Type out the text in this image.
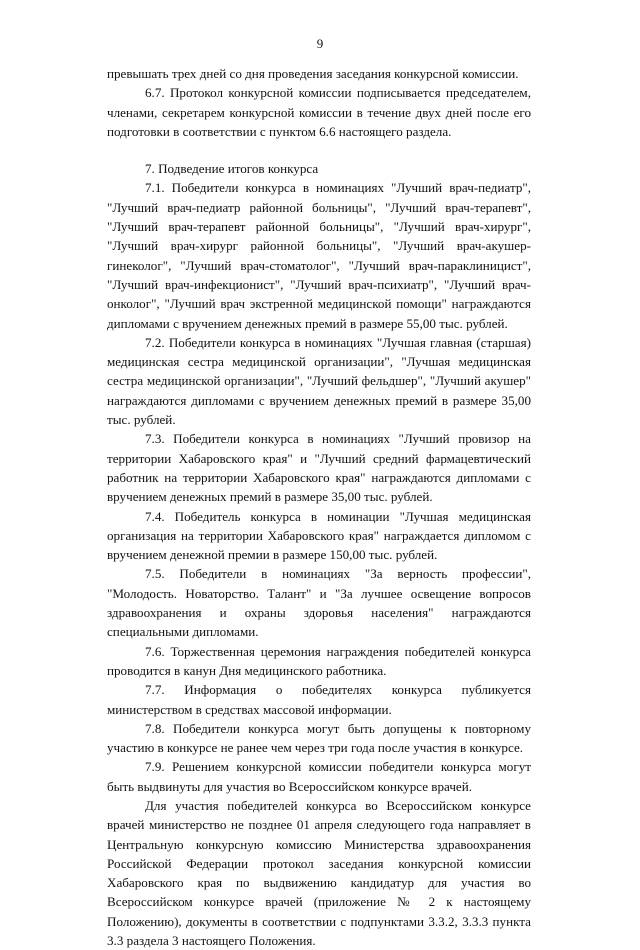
9

превышать трех дней со дня проведения заседания конкурсной комиссии.

6.7. Протокол конкурсной комиссии подписывается председателем, членами, секретарем конкурсной комиссии в течение двух дней после его подготовки в соответствии с пунктом 6.6 настоящего раздела.

7. Подведение итогов конкурса

7.1. Победители конкурса в номинациях "Лучший врач-педиатр", "Лучший врач-педиатр районной больницы", "Лучший врач-терапевт", "Лучший врач-терапевт районной больницы", "Лучший врач-хирург", "Лучший врач-хирург районной больницы", "Лучший врач-акушер-гинеколог", "Лучший врач-стоматолог", "Лучший врач-параклиницист", "Лучший врач-инфекционист", "Лучший врач-психиатр", "Лучший врач-онколог", "Лучший врач экстренной медицинской помощи" награждаются дипломами с вручением денежных премий в размере 55,00 тыс. рублей.

7.2. Победители конкурса в номинациях "Лучшая главная (старшая) медицинская сестра медицинской организации", "Лучшая медицинская сестра медицинской организации", "Лучший фельдшер", "Лучший акушер" награждаются дипломами с вручением денежных премий в размере 35,00 тыс. рублей.

7.3. Победители конкурса в номинациях "Лучший провизор на территории Хабаровского края" и "Лучший средний фармацевтический работник на территории Хабаровского края" награждаются дипломами с вручением денежных премий в размере 35,00 тыс. рублей.

7.4. Победитель конкурса в номинации "Лучшая медицинская организация на территории Хабаровского края" награждается дипломом с вручением денежной премии в размере 150,00 тыс. рублей.

7.5. Победители в номинациях "За верность профессии", "Молодость. Новаторство. Талант" и "За лучшее освещение вопросов здравоохранения и охраны здоровья населения" награждаются специальными дипломами.

7.6. Торжественная церемония награждения победителей конкурса проводится в канун Дня медицинского работника.

7.7. Информация о победителях конкурса публикуется министерством в средствах массовой информации.

7.8. Победители конкурса могут быть допущены к повторному участию в конкурсе не ранее чем через три года после участия в конкурсе.

7.9. Решением конкурсной комиссии победители конкурса могут быть выдвинуты для участия во Всероссийском конкурсе врачей.

Для участия победителей конкурса во Всероссийском конкурсе врачей министерство не позднее 01 апреля следующего года направляет в Центральную конкурсную комиссию Министерства здравоохранения Российской Федерации протокол заседания конкурсной комиссии Хабаровского края по выдвижению кандидатур для участия во Всероссийском конкурсе врачей (приложение № 2 к настоящему Положению), документы в соответствии с подпунктами 3.3.2, 3.3.3 пункта 3.3 раздела 3 настоящего Положения.
